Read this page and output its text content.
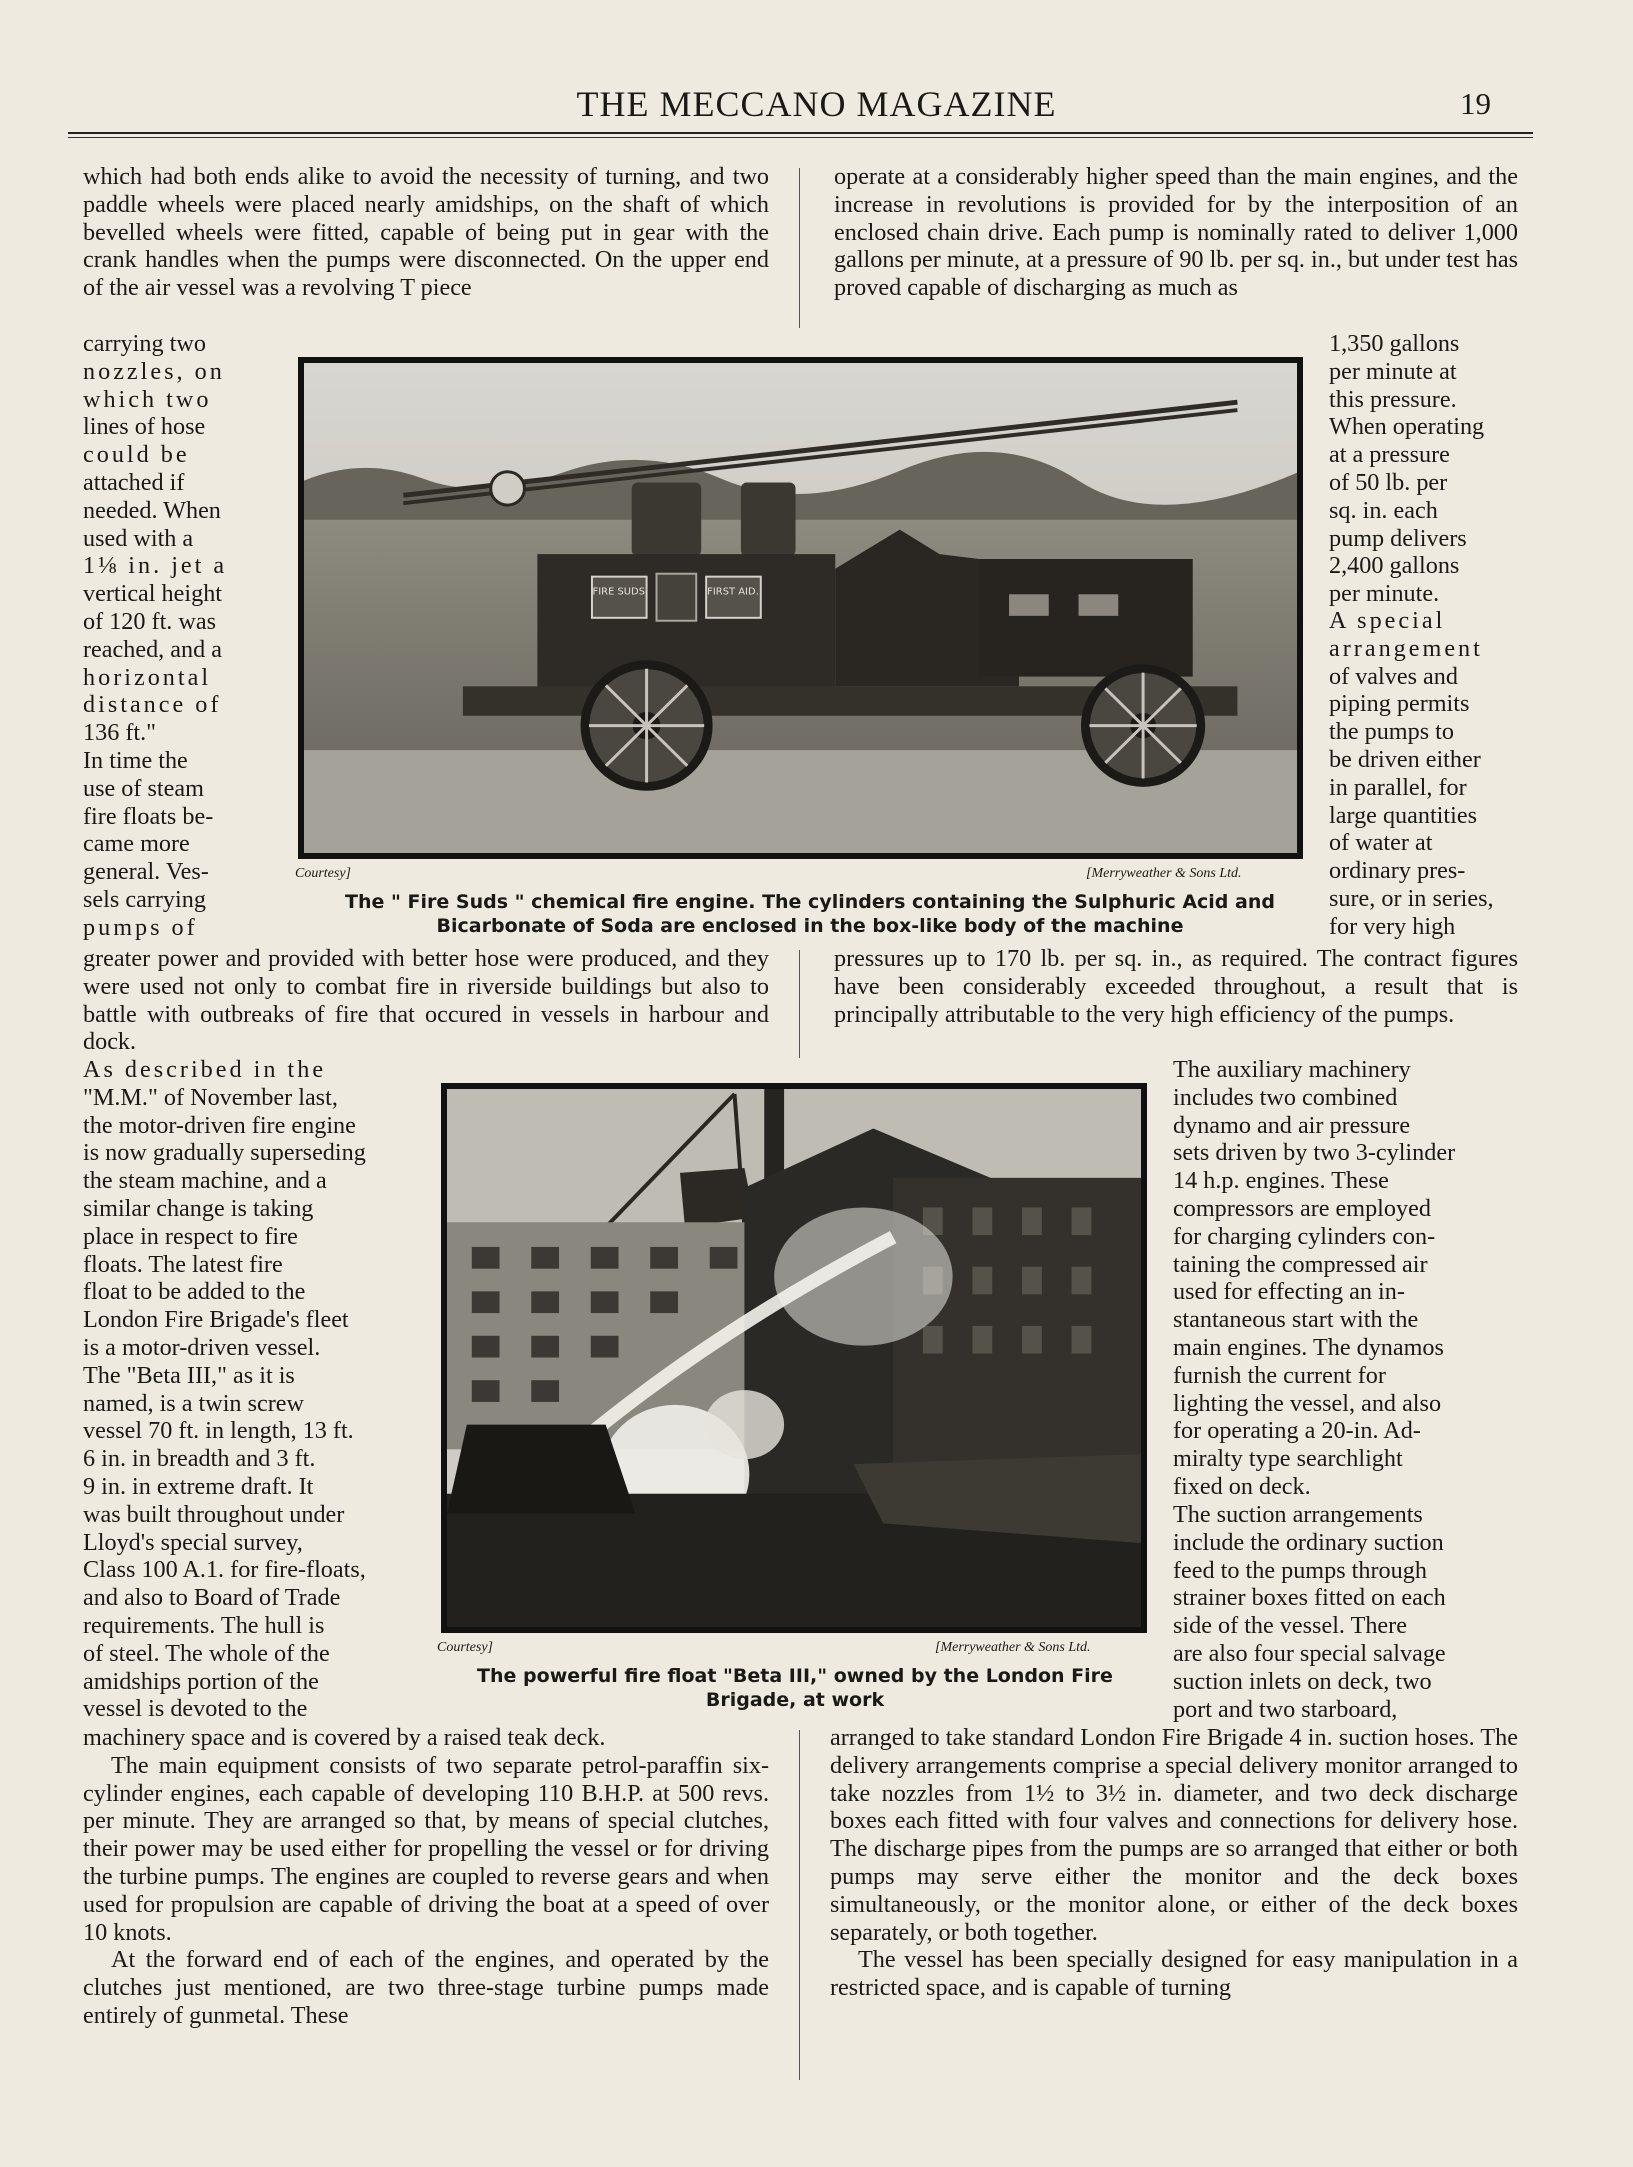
THE MECCANO MAGAZINE	19

which had both ends alike to avoid the necessity of turning, and two paddle wheels were placed nearly amidships, on the shaft of which bevelled wheels were fitted, capable of being put in gear with the crank handles when the pumps were disconnected. On the upper end of the air vessel was a revolving T piece

carrying two
nozzles, on
which two
lines of hose
could be
attached if
needed. When
used with a
1⅛ in. jet a
vertical height
of 120 ft. was
reached, and a
horizontal
distance of
136 ft."
In time the
use of steam
fire floats be-
came more
general. Ves-
sels carrying
pumps of

greater power and provided with better hose were produced, and they were used not only to combat fire in riverside buildings but also to battle with outbreaks of fire that occured in vessels in harbour and dock.

As described in the
"M.M." of November last,
the motor-driven fire engine
is now gradually superseding
the steam machine, and a
similar change is taking
place in respect to fire
floats. The latest fire
float to be added to the
London Fire Brigade's fleet
is a motor-driven vessel.
The "Beta III," as it is
named, is a twin screw
vessel 70 ft. in length, 13 ft.
6 in. in breadth and 3 ft.
9 in. in extreme draft. It
was built throughout under
Lloyd's special survey,
Class 100 A.1. for fire-floats,
and also to Board of Trade
requirements. The hull is
of steel. The whole of the
amidships portion of the
vessel is devoted to the

machinery space and is covered by a raised teak deck.

The main equipment consists of two separate petrol-paraffin six-cylinder engines, each capable of developing 110 B.H.P. at 500 revs. per minute. They are arranged so that, by means of special clutches, their power may be used either for propelling the vessel or for driving the turbine pumps. The engines are coupled to reverse gears and when used for propulsion are capable of driving the boat at a speed of over 10 knots.

At the forward end of each of the engines, and operated by the clutches just mentioned, are two three-stage turbine pumps made entirely of gunmetal. These

operate at a considerably higher speed than the main engines, and the increase in revolutions is provided for by the interposition of an enclosed chain drive. Each pump is nominally rated to deliver 1,000 gallons per minute, at a pressure of 90 lb. per sq. in., but under test has proved capable of discharging as much as

1,350 gallons
per minute at
this pressure.
When operating
at a pressure
of 50 lb. per
sq. in. each
pump delivers
2,400 gallons
per minute.
A special
arrangement
of valves and
piping permits
the pumps to
be driven either
in parallel, for
large quantities
of water at
ordinary pres-
sure, or in series,
for very high

pressures up to 170 lb. per sq. in., as required. The contract figures have been considerably exceeded throughout, a result that is principally attributable to the very high efficiency of the pumps.

The auxiliary machinery
includes two combined
dynamo and air pressure
sets driven by two 3-cylinder
14 h.p. engines. These
compressors are employed
for charging cylinders con-
taining the compressed air
used for effecting an in-
stantaneous start with the
main engines. The dynamos
furnish the current for
lighting the vessel, and also
for operating a 20-in. Ad-
miralty type searchlight
fixed on deck.
The suction arrangements
include the ordinary suction
feed to the pumps through
strainer boxes fitted on each
side of the vessel. There
are also four special salvage
suction inlets on deck, two
port and two starboard,

arranged to take standard London Fire Brigade 4 in. suction hoses. The delivery arrangements comprise a special delivery monitor arranged to take nozzles from 1½ to 3½ in. diameter, and two deck discharge boxes each fitted with four valves and connections for delivery hose. The discharge pipes from the pumps are so arranged that either or both pumps may serve either the monitor and the deck boxes simultaneously, or the monitor alone, or either of the deck boxes separately, or both together.

The vessel has been specially designed for easy manipulation in a restricted space, and is capable of turning

FIRE SUDS	FIRST AID.
Courtesy]	[Merryweather & Sons Ltd.
The " Fire Suds " chemical fire engine. The cylinders containing the Sulphuric Acid and
Bicarbonate of Soda are enclosed in the box-like body of the machine
Courtesy]	[Merryweather & Sons Ltd.
The powerful fire float "Beta III," owned by the London Fire
Brigade, at work
